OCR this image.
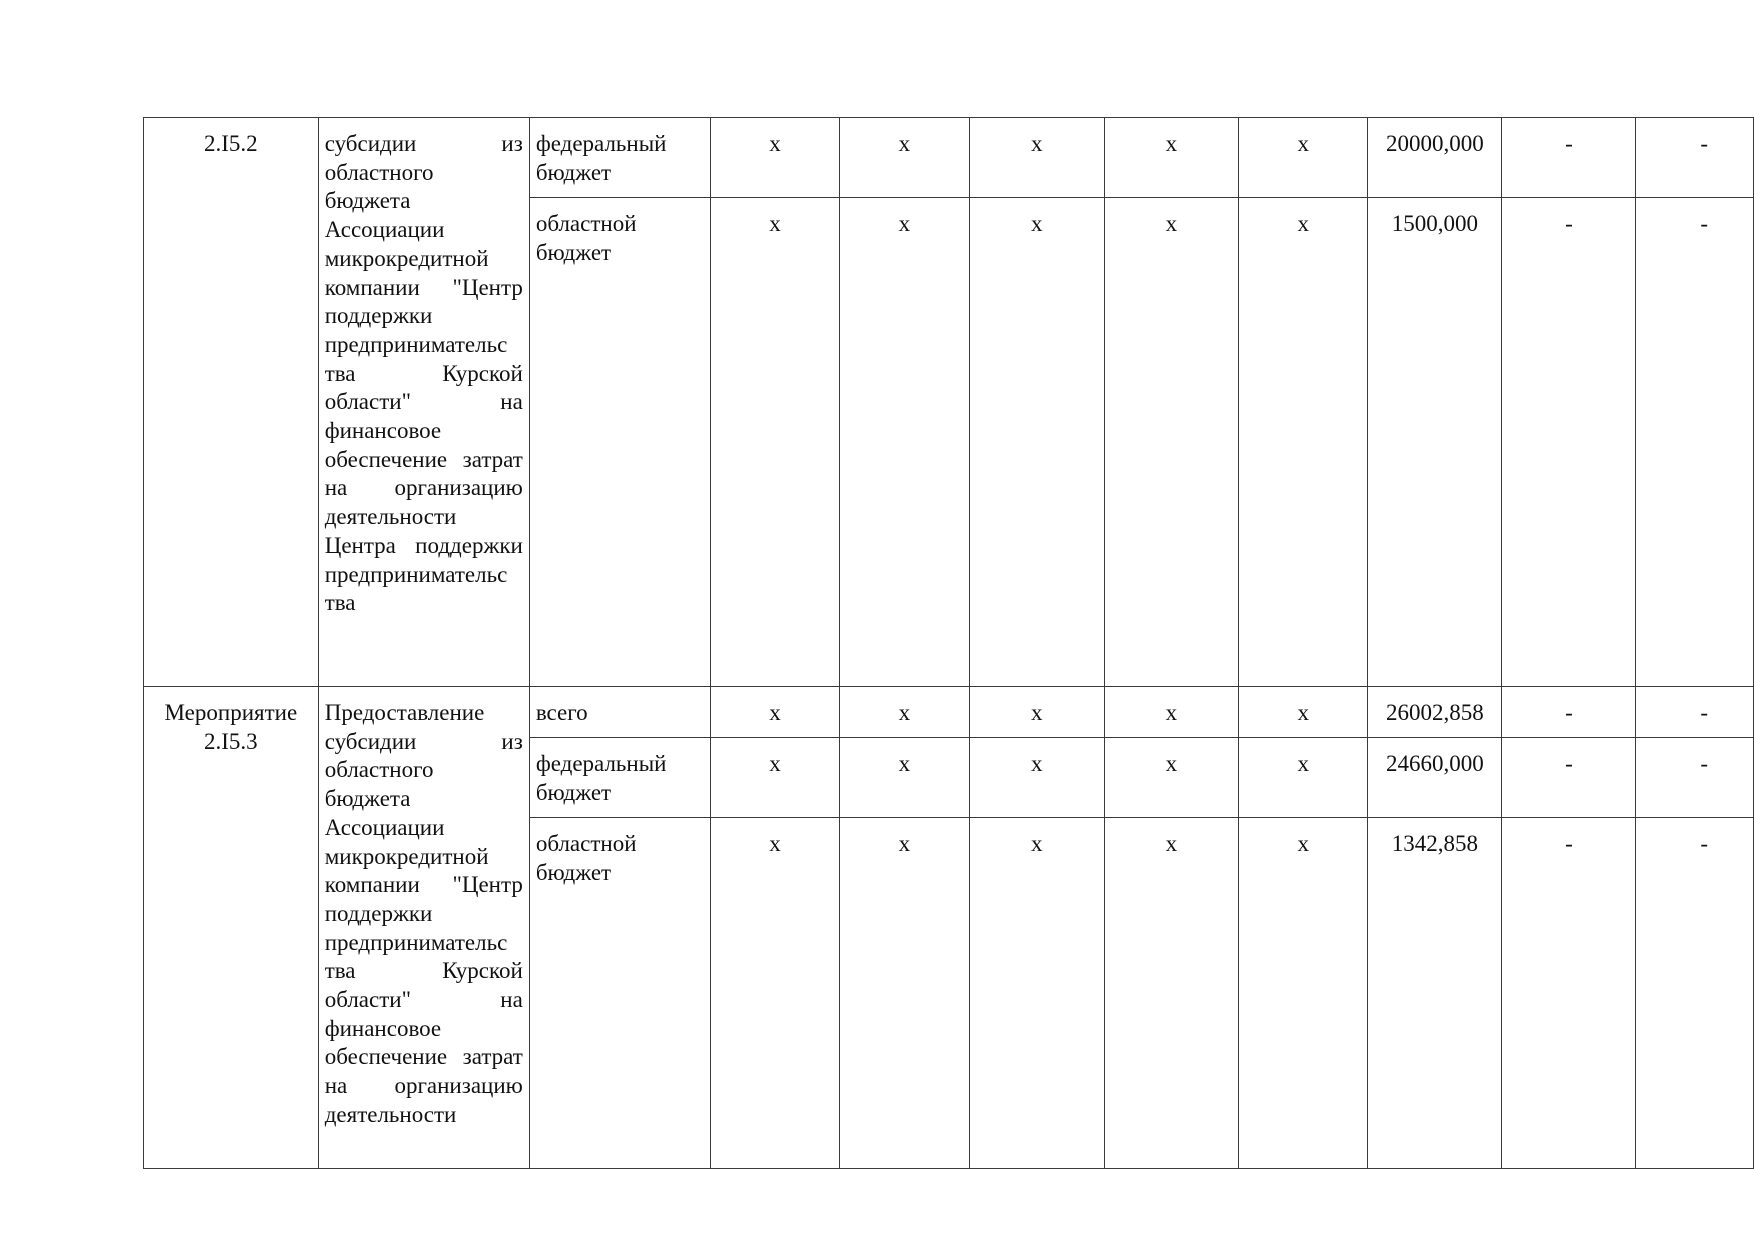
2.I5.2	субсидии из областного бюджета Ассоциации микрокредитной компании "Центр поддержки предпринимательс тва Курской области" на финансовое обеспечение затрат на организацию деятельности Центра поддержки предпринимательс тва	федеральный бюджет	x	x	x	x	x	20000,000	-	-
		областной бюджет	x	x	x	x	x	1500,000	-	-
Мероприятие 2.I5.3	Предоставление субсидии из областного бюджета Ассоциации микрокредитной компании "Центр поддержки предпринимательс тва Курской области" на финансовое обеспечение затрат на организацию деятельности	всего	x	x	x	x	x	26002,858	-	-
		федеральный бюджет	x	x	x	x	x	24660,000	-	-
		областной бюджет	x	x	x	x	x	1342,858	-	-
